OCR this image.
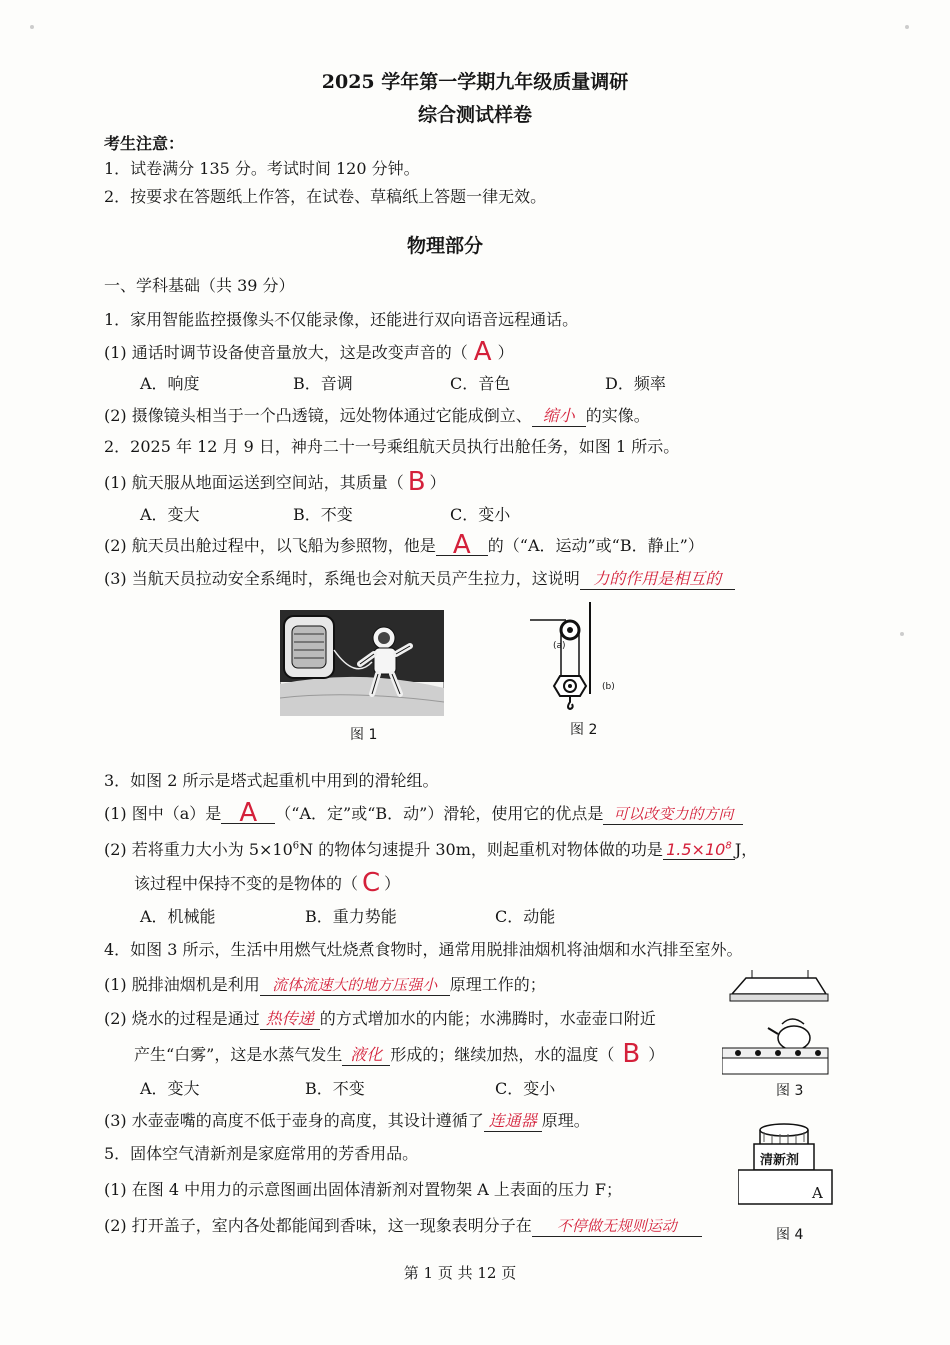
2025 学年第一学期九年级质量调研
综合测试样卷
考生注意：
1．试卷满分 135 分。考试时间 120 分钟。
2．按要求在答题纸上作答，在试卷、草稿纸上答题一律无效。
物理部分
一、学科基础（共 39 分）
1．家用智能监控摄像头不仅能录像，还能进行双向语音远程通话。
(1) 通话时调节设备使音量放大，这是改变声音的（ A ）
A．响度	B．音调	C．音色	D．频率
(2) 摄像镜头相当于一个凸透镜，远处物体通过它能成倒立、 缩小 的实像。
2．2025 年 12 月 9 日，神舟二十一号乘组航天员执行出舱任务，如图 1 所示。
(1) 航天服从地面运送到空间站，其质量（ B ）
A．变大	B．不变	C．变小
(2) 航天员出舱过程中，以飞船为参照物，他是 A 的（“A．运动”或“B．静止”）
(3) 当航天员拉动安全系绳时，系绳也会对航天员产生拉力，这说明 力的作用是相互的
图 1
(a)
(b)
图 2
3．如图 2 所示是塔式起重机中用到的滑轮组。
(1) 图中（a）是 A （“A．定”或“B．动”）滑轮，使用它的优点是 可以改变力的方向
(2) 若将重力大小为 $5\times 10^6N$ 的物体匀速提升 30m，则起重机对物体做的功是 $1.5\times 10^8$ J，
该过程中保持不变的是物体的（ C ）
A．机械能	B．重力势能	C．动能
4．如图 3 所示，生活中用燃气灶烧煮食物时，通常用脱排油烟机将油烟和水汽排至室外。
(1) 脱排油烟机是利用 流体流速大的地方压强小 原理工作的；
(2) 烧水的过程是通过 热传递 的方式增加水的内能；水沸腾时，水壶壶口附近
产生“白雾”，这是水蒸气发生 液化 形成的；继续加热，水的温度（ B ）
A．变大	B．不变	C．变小
(3) 水壶壶嘴的高度不低于壶身的高度，其设计遵循了 连通器 原理。
图 3
5．固体空气清新剂是家庭常用的芳香用品。
(1) 在图 4 中用力的示意图画出固体清新剂对置物架 A 上表面的压力 F；
(2) 打开盖子，室内各处都能闻到香味，这一现象表明分子在 不停做无规则运动
清新剂
A
图 4
第 1 页 共 12 页
